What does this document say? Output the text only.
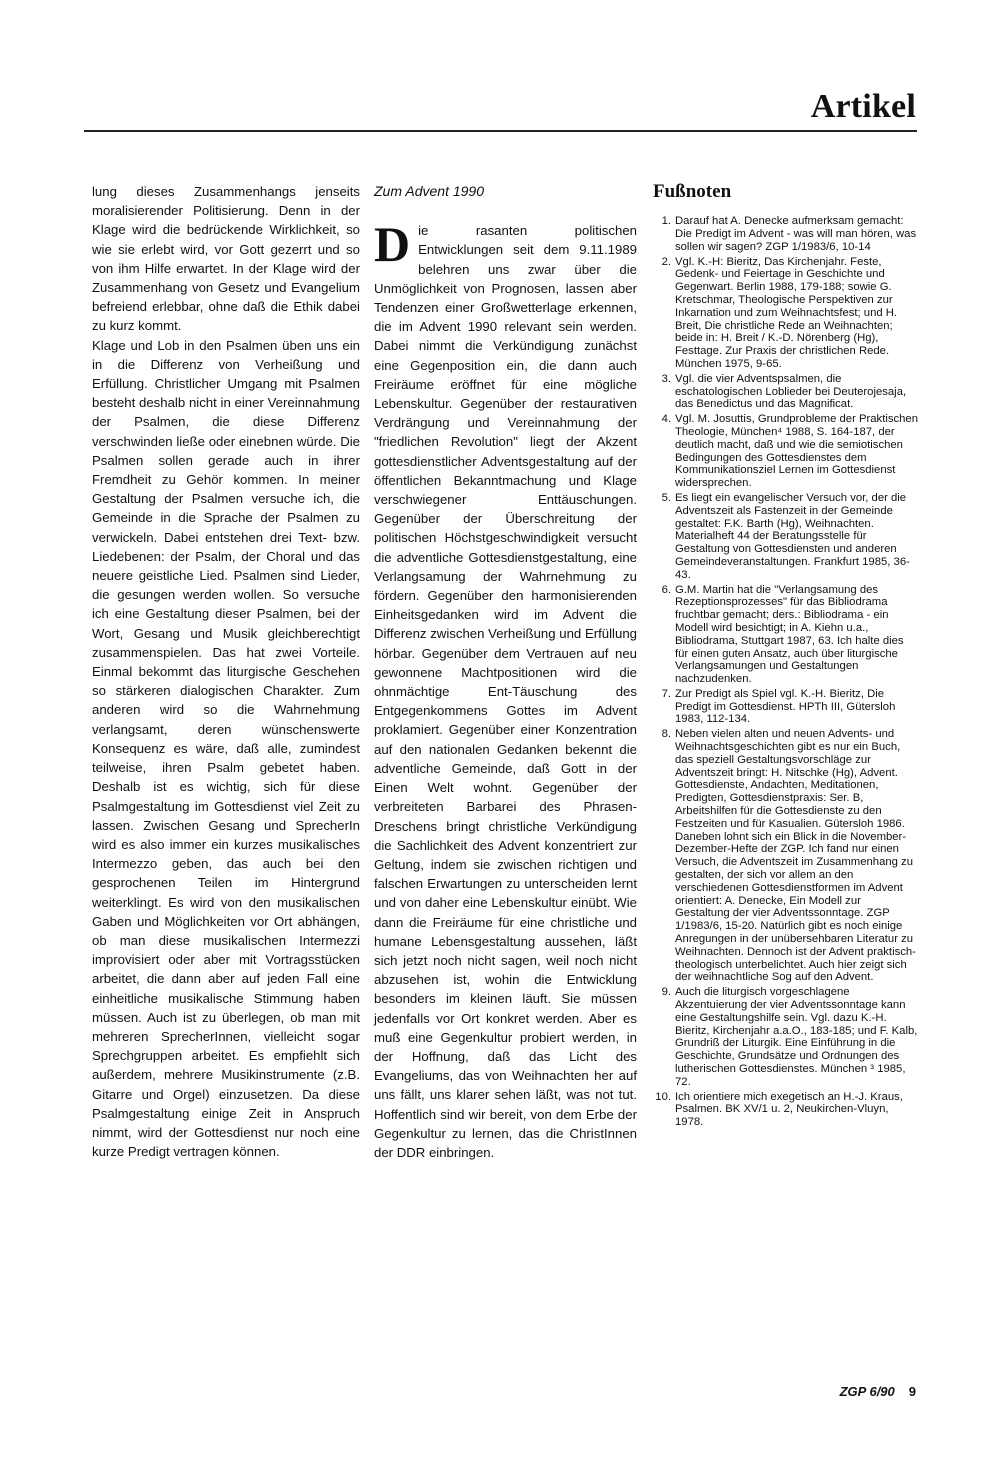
Artikel

lung dieses Zusammenhangs jenseits moralisierender Politisierung. Denn in der Klage wird die bedrückende Wirklichkeit, so wie sie erlebt wird, vor Gott gezerrt und so von ihm Hilfe erwartet. In der Klage wird der Zusammenhang von Gesetz und Evangelium befreiend erlebbar, ohne daß die Ethik dabei zu kurz kommt.

Klage und Lob in den Psalmen üben uns ein in die Differenz von Verheißung und Erfüllung. Christlicher Umgang mit Psalmen besteht deshalb nicht in einer Vereinnahmung der Psalmen, die diese Differenz verschwinden ließe oder einebnen würde. Die Psalmen sollen gerade auch in ihrer Fremdheit zu Gehör kommen. In meiner Gestaltung der Psalmen versuche ich, die Gemeinde in die Sprache der Psalmen zu verwickeln. Dabei entstehen drei Text- bzw. Liedebenen: der Psalm, der Choral und das neuere geistliche Lied. Psalmen sind Lieder, die gesungen werden wollen. So versuche ich eine Gestaltung dieser Psalmen, bei der Wort, Gesang und Musik gleichberechtigt zusammenspielen. Das hat zwei Vorteile. Einmal bekommt das liturgische Geschehen so stärkeren dialogischen Charakter. Zum anderen wird so die Wahrnehmung verlangsamt, deren wünschenswerte Konsequenz es wäre, daß alle, zumindest teilweise, ihren Psalm gebetet haben. Deshalb ist es wichtig, sich für diese Psalmgestaltung im Gottesdienst viel Zeit zu lassen. Zwischen Gesang und SprecherIn wird es also immer ein kurzes musikalisches Intermezzo geben, das auch bei den gesprochenen Teilen im Hintergrund weiterklingt. Es wird von den musikalischen Gaben und Möglichkeiten vor Ort abhängen, ob man diese musikalischen Intermezzi improvisiert oder aber mit Vortragsstücken arbeitet, die dann aber auf jeden Fall eine einheitliche musikalische Stimmung haben müssen. Auch ist zu überlegen, ob man mit mehreren SprecherInnen, vielleicht sogar Sprechgruppen arbeitet. Es empfiehlt sich außerdem, mehrere Musikinstrumente (z.B. Gitarre und Orgel) einzusetzen. Da diese Psalmgestaltung einige Zeit in Anspruch nimmt, wird der Gottesdienst nur noch eine kurze Predigt vertragen können.

Zum Advent 1990

Die rasanten politischen Entwicklungen seit dem 9.11.1989 belehren uns zwar über die Unmöglichkeit von Prognosen, lassen aber Tendenzen einer Großwetterlage erkennen, die im Advent 1990 relevant sein werden. Dabei nimmt die Verkündigung zunächst eine Gegenposition ein, die dann auch Freiräume eröffnet für eine mögliche Lebenskultur. Gegenüber der restaurativen Verdrängung und Vereinnahmung der "friedlichen Revolution" liegt der Akzent gottesdienstlicher Adventsgestaltung auf der öffentlichen Bekanntmachung und Klage verschwiegener Enttäuschungen. Gegenüber der Überschreitung der politischen Höchstgeschwindigkeit versucht die adventliche Gottesdienstgestaltung, eine Verlangsamung der Wahrnehmung zu fördern. Gegenüber den harmonisierenden Einheitsgedanken wird im Advent die Differenz zwischen Verheißung und Erfüllung hörbar. Gegenüber dem Vertrauen auf neu gewonnene Machtpositionen wird die ohnmächtige Ent-Täuschung des Entgegenkommens Gottes im Advent proklamiert. Gegenüber einer Konzentration auf den nationalen Gedanken bekennt die adventliche Gemeinde, daß Gott in der Einen Welt wohnt. Gegenüber der verbreiteten Barbarei des Phrasen-Dreschens bringt christliche Verkündigung die Sachlichkeit des Advent konzentriert zur Geltung, indem sie zwischen richtigen und falschen Erwartungen zu unterscheiden lernt und von daher eine Lebenskultur einübt. Wie dann die Freiräume für eine christliche und humane Lebensgestaltung aussehen, läßt sich jetzt noch nicht sagen, weil noch nicht abzusehen ist, wohin die Entwicklung besonders im kleinen läuft. Sie müssen jedenfalls vor Ort konkret werden. Aber es muß eine Gegenkultur probiert werden, in der Hoffnung, daß das Licht des Evangeliums, das von Weihnachten her auf uns fällt, uns klarer sehen läßt, was not tut. Hoffentlich sind wir bereit, von dem Erbe der Gegenkultur zu lernen, das die ChristInnen der DDR einbringen.

Fußnoten
1. Darauf hat A. Denecke aufmerksam gemacht: Die Predigt im Advent - was will man hören, was sollen wir sagen? ZGP 1/1983/6, 10-14
2. Vgl. K.-H: Bieritz, Das Kirchenjahr. Feste, Gedenk- und Feiertage in Geschichte und Gegenwart. Berlin 1988, 179-188; sowie G. Kretschmar, Theologische Perspektiven zur Inkarnation und zum Weihnachtsfest; und H. Breit, Die christliche Rede an Weihnachten; beide in: H. Breit / K.-D. Nörenberg (Hg), Festtage. Zur Praxis der christlichen Rede. München 1975, 9-65.
3. Vgl. die vier Adventspsalmen, die eschatologischen Loblieder bei Deuterojesaja, das Benedictus und das Magnificat.
4. Vgl. M. Josuttis, Grundprobleme der Praktischen Theologie, München⁴ 1988, S. 164-187, der deutlich macht, daß und wie die semiotischen Bedingungen des Gottesdienstes dem Kommunikationsziel Lernen im Gottesdienst widersprechen.
5. Es liegt ein evangelischer Versuch vor, der die Adventszeit als Fastenzeit in der Gemeinde gestaltet: F.K. Barth (Hg), Weihnachten. Materialheft 44 der Beratungsstelle für Gestaltung von Gottesdiensten und anderen Gemeindeveranstaltungen. Frankfurt 1985, 36-43.
6. G.M. Martin hat die "Verlangsamung des Rezeptionsprozesses" für das Bibliodrama fruchtbar gemacht; ders.: Bibliodrama - ein Modell wird besichtigt; in A. Kiehn u.a., Bibliodrama, Stuttgart 1987, 63. Ich halte dies für einen guten Ansatz, auch über liturgische Verlangsamungen und Gestaltungen nachzudenken.
7. Zur Predigt als Spiel vgl. K.-H. Bieritz, Die Predigt im Gottesdienst. HPTh III, Gütersloh 1983, 112-134.
8. Neben vielen alten und neuen Advents- und Weihnachtsgeschichten gibt es nur ein Buch, das speziell Gestaltungsvorschläge zur Adventszeit bringt: H. Nitschke (Hg), Advent. Gottesdienste, Andachten, Meditationen, Predigten, Gottesdienstpraxis: Ser. B, Arbeitshilfen für die Gottesdienste zu den Festzeiten und für Kasualien. Gütersloh 1986. Daneben lohnt sich ein Blick in die November-Dezember-Hefte der ZGP. Ich fand nur einen Versuch, die Adventszeit im Zusammenhang zu gestalten, der sich vor allem an den verschiedenen Gottesdienstformen im Advent orientiert: A. Denecke, Ein Modell zur Gestaltung der vier Adventssonntage. ZGP 1/1983/6, 15-20. Natürlich gibt es noch einige Anregungen in der unübersehbaren Literatur zu Weihnachten. Dennoch ist der Advent praktisch-theologisch unterbelichtet. Auch hier zeigt sich der weihnachtliche Sog auf den Advent.
9. Auch die liturgisch vorgeschlagene Akzentuierung der vier Adventssonntage kann eine Gestaltungshilfe sein. Vgl. dazu K.-H. Bieritz, Kirchenjahr a.a.O., 183-185; und F. Kalb, Grundriß der Liturgik. Eine Einführung in die Geschichte, Grundsätze und Ordnungen des lutherischen Gottesdienstes. München ³ 1985, 72.
10. Ich orientiere mich exegetisch an H.-J. Kraus, Psalmen. BK XV/1 u. 2, Neukirchen-Vluyn, 1978.
ZGP 6/90 9
